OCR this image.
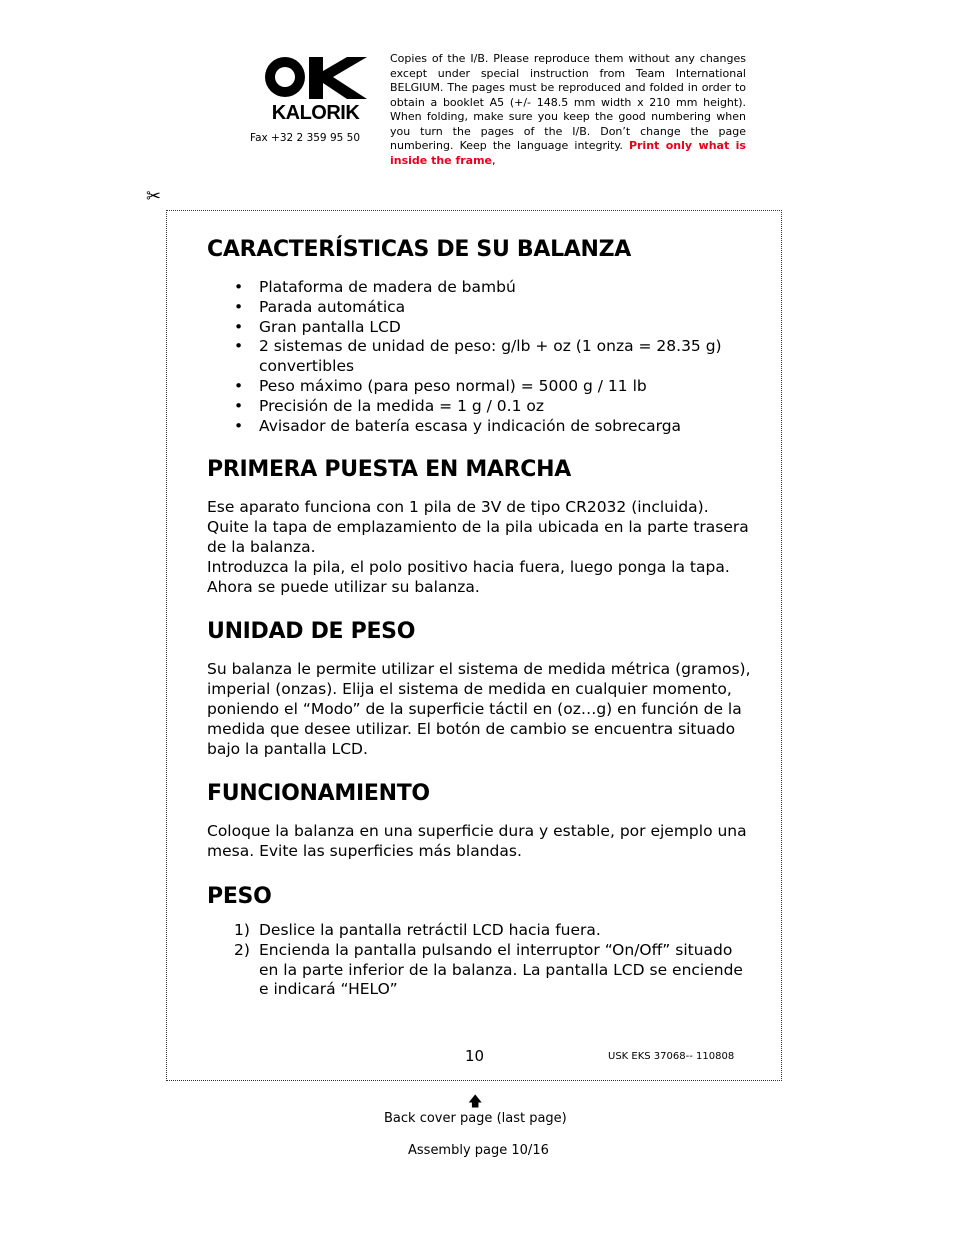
KALORIK
Fax +32 2 359 95 50
Copies of the I/B. Please reproduce them without any changes except under special instruction from Team International BELGIUM. The pages must be reproduced and folded in order to obtain a booklet A5 (+/- 148.5 mm width x 210 mm height). When folding, make sure you keep the good numbering when you turn the pages of the I/B. Don’t change the page numbering. Keep the language integrity. Print only what is inside the frame,
✂
CARACTERÍSTICAS DE SU BALANZA
• Plataforma de madera de bambú
• Parada automática
• Gran pantalla LCD
• 2 sistemas de unidad de peso: g/lb + oz (1 onza = 28.35 g) convertibles
• Peso máximo (para peso normal) = 5000 g / 11 lb
• Precisión de la medida = 1 g / 0.1 oz
• Avisador de batería escasa y indicación de sobrecarga
PRIMERA PUESTA EN MARCHA

Ese aparato funciona con 1 pila de 3V de tipo CR2032 (incluida). Quite la tapa de emplazamiento de la pila ubicada en la parte trasera de la balanza.

Introduzca la pila, el polo positivo hacia fuera, luego ponga la tapa. Ahora se puede utilizar su balanza.

UNIDAD DE PESO

Su balanza le permite utilizar el sistema de medida métrica (gramos), imperial (onzas). Elija el sistema de medida en cualquier momento, poniendo el “Modo” de la superficie táctil en (oz…g) en función de la medida que desee utilizar. El botón de cambio se encuentra situado bajo la pantalla LCD.

FUNCIONAMIENTO

Coloque la balanza en una superficie dura y estable, por ejemplo una mesa. Evite las superficies más blandas.

PESO
1) Deslice la pantalla retráctil LCD hacia fuera.
2) Encienda la pantalla pulsando el interruptor “On/Off” situado en la parte inferior de la balanza. La pantalla LCD se enciende e indicará “HELO”
10	USK EKS 37068-- 110808
🡅
Back cover page (last page)
Assembly page 10/16
